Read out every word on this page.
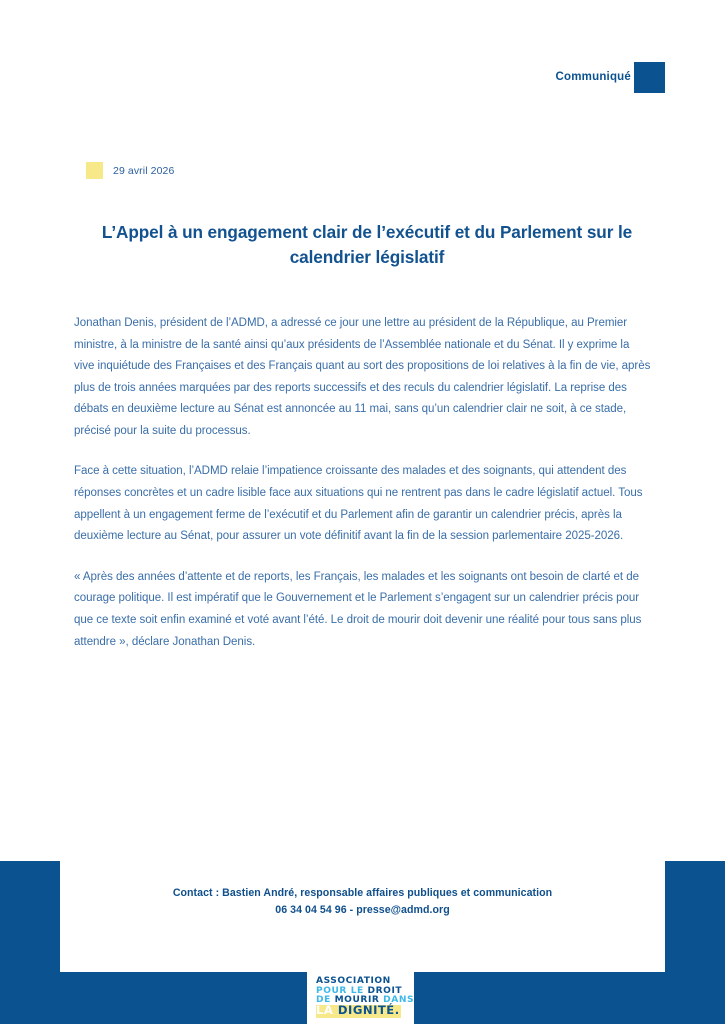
Communiqué
29 avril 2026
L’Appel à un engagement clair de l’exécutif et du Parlement sur le calendrier législatif

Jonathan Denis, président de l’ADMD, a adressé ce jour une lettre au président de la République, au Premier ministre, à la ministre de la santé ainsi qu’aux présidents de l’Assemblée nationale et du Sénat. Il y exprime la vive inquiétude des Françaises et des Français quant au sort des propositions de loi relatives à la fin de vie, après plus de trois années marquées par des reports successifs et des reculs du calendrier législatif. La reprise des débats en deuxième lecture au Sénat est annoncée au 11 mai, sans qu’un calendrier clair ne soit, à ce stade, précisé pour la suite du processus.

Face à cette situation, l’ADMD relaie l’impatience croissante des malades et des soignants, qui attendent des réponses concrètes et un cadre lisible face aux situations qui ne rentrent pas dans le cadre législatif actuel. Tous appellent à un engagement ferme de l’exécutif et du Parlement afin de garantir un calendrier précis, après la deuxième lecture au Sénat, pour assurer un vote définitif avant la fin de la session parlementaire 2025-2026.

« Après des années d’attente et de reports, les Français, les malades et les soignants ont besoin de clarté et de courage politique. Il est impératif que le Gouvernement et le Parlement s’engagent sur un calendrier précis pour que ce texte soit enfin examiné et voté avant l’été. Le droit de mourir doit devenir une réalité pour tous sans plus attendre », déclare Jonathan Denis.

Contact : Bastien André, responsable affaires publiques et communication
06 34 04 54 96 - presse@admd.org
ASSOCIATION
POUR LE DROIT
DE MOURIR DANS
LA DIGNITÉ.
